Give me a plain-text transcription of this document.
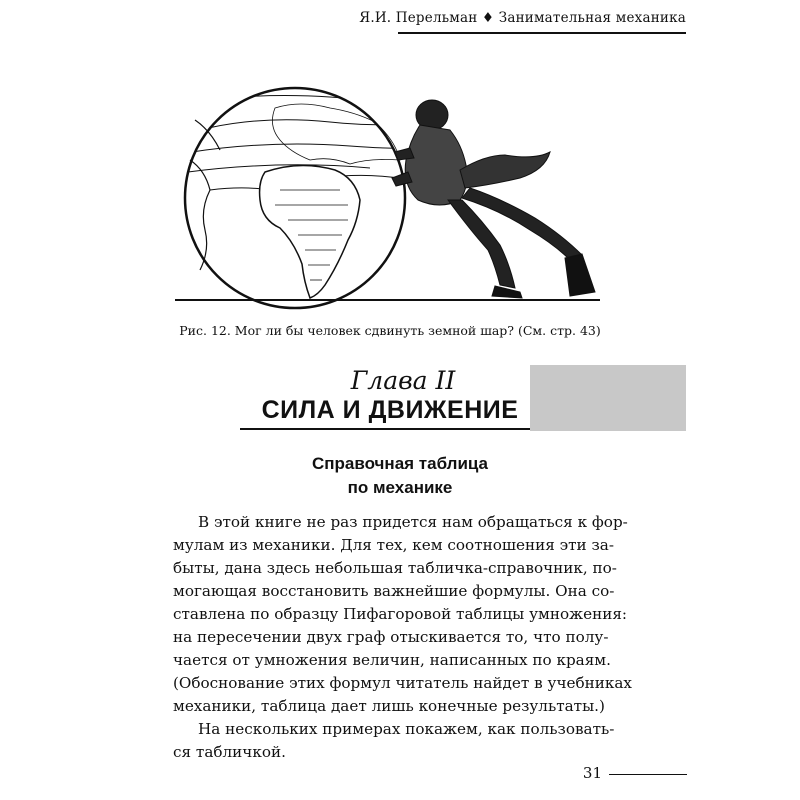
Я.И. Перельман ♦ Занимательная механика
Рис. 12. Мог ли бы человек сдвинуть земной шар? (См. стр. 43)
Глава II
СИЛА И ДВИЖЕНИЕ
Справочная таблица
по механике
В этой книге не раз придется нам обращаться к фор-
мулам из механики. Для тех, кем соотношения эти за-
быты, дана здесь небольшая табличка-справочник, по-
могающая восстановить важнейшие формулы. Она со-
ставлена по образцу Пифагоровой таблицы умножения:
на пересечении двух граф отыскивается то, что полу-
чается от умножения величин, написанных по краям.
(Обоснование этих формул читатель найдет в учебниках
механики, таблица дает лишь конечные результаты.)
На нескольких примерах покажем, как пользовать-
ся табличкой.
31
